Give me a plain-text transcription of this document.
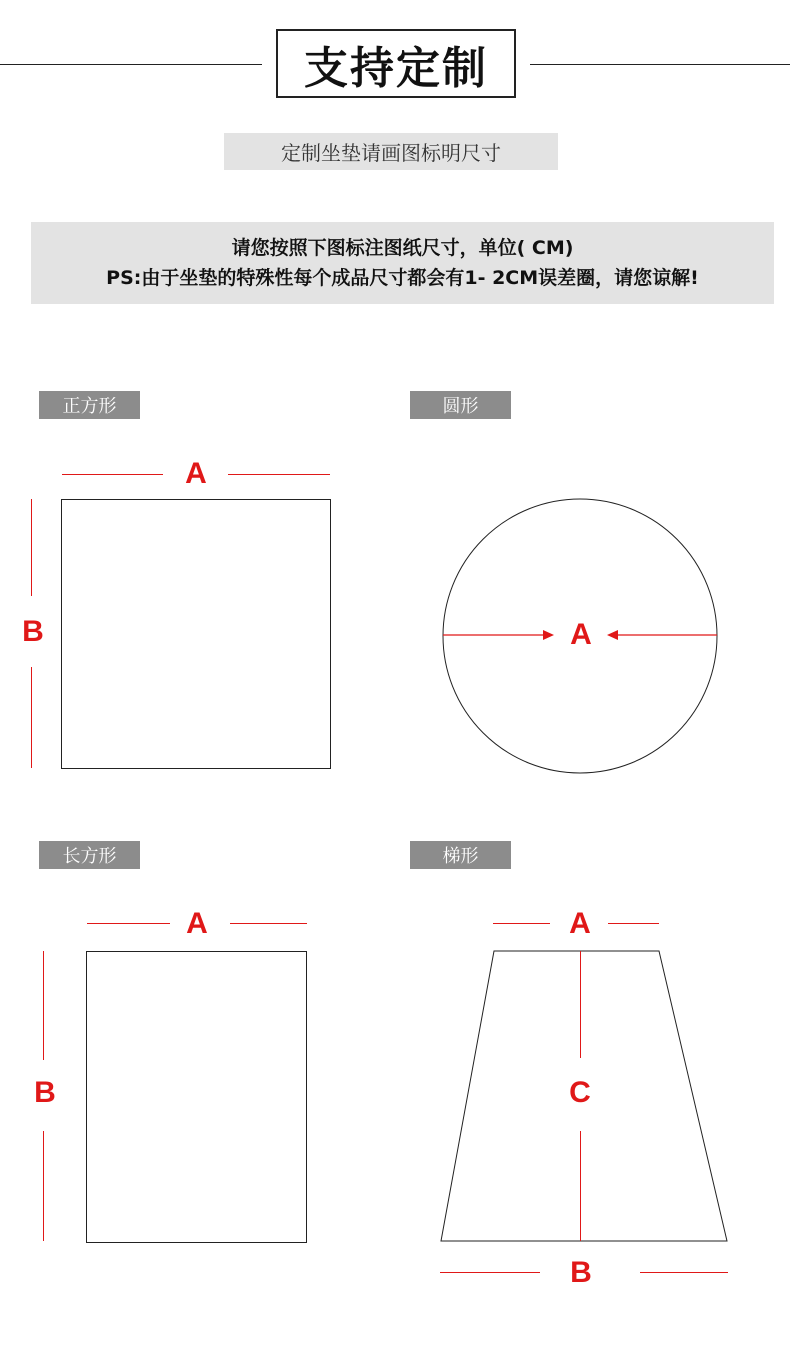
支持定制
定制坐垫请画图标明尺寸
请您按照下图标注图纸尺寸，单位( CM)
PS:由于坐垫的特殊性每个成品尺寸都会有1- 2CM误差圈，请您谅解!
正方形
A
B
圆形
A
长方形
A
B
梯形
A
C
B
